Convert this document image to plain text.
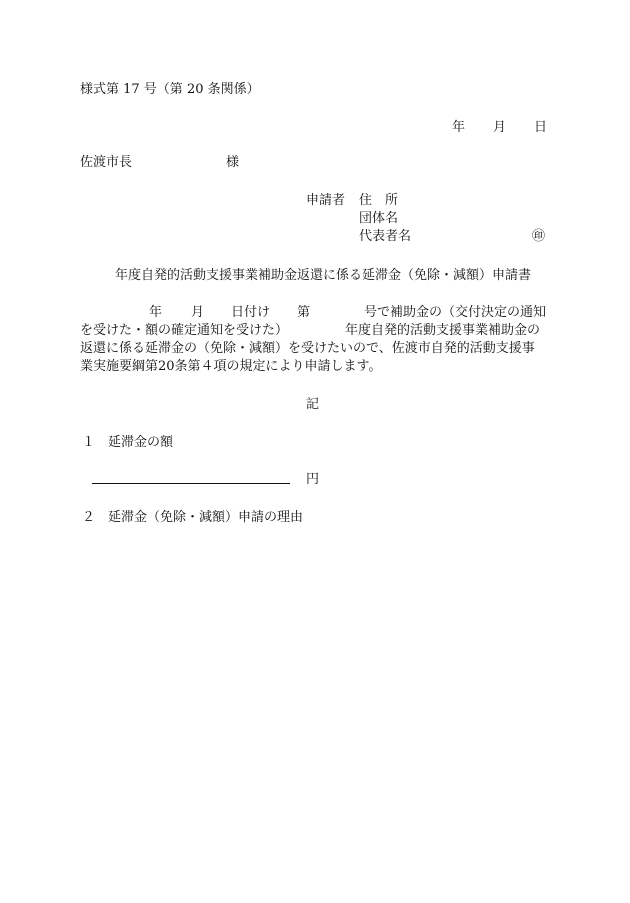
様式第 17 号（第 20 条関係）
年 月 日
佐渡市長	様
申請者 住　所
団体名
代表者名	㊞
年度自発的活動支援事業補助金返還に係る延滞金（免除・減額）申請書
年 月 日付け 第	号で補助金の（交付決定の通知
を受けた・額の確定通知を受けた）	年度自発的活動支援事業補助金の
返還に係る延滞金の（免除・減額）を受けたいので、佐渡市自発的活動支援事
業実施要綱第20条第４項の規定により申請します。
記
１ 延滞金の額
円
２ 延滞金（免除・減額）申請の理由
